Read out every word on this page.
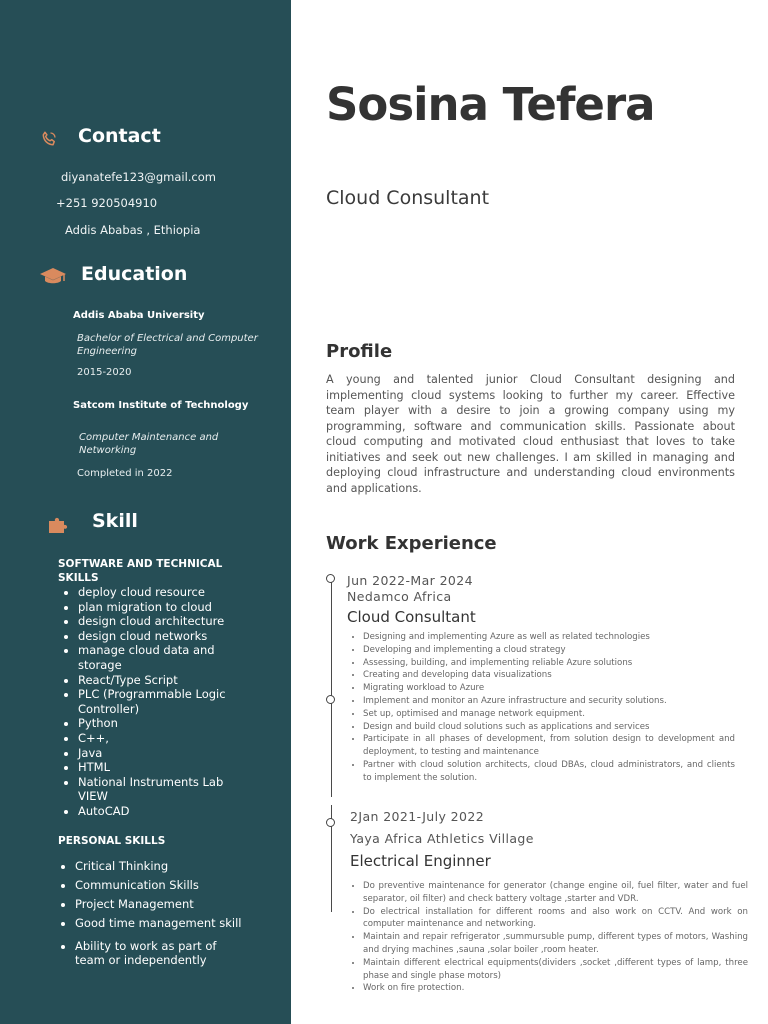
Contact
diyanatefe123@gmail.com
+251 920504910
Addis Ababas , Ethiopia
Education
Addis Ababa University
Bachelor of Electrical and Computer Engineering
2015-2020
Satcom Institute of Technology
Computer Maintenance and Networking
Completed in 2022
Skill
SOFTWARE AND TECHNICAL SKILLS
• deploy cloud resource
• plan migration to cloud
• design cloud architecture
• design cloud networks
• manage cloud data and storage
• React/Type Script
• PLC (Programmable Logic Controller)
• Python
• C++,
• Java
• HTML
• National Instruments Lab VIEW
• AutoCAD
PERSONAL SKILLS
• Critical Thinking
• Communication Skills
• Project Management
• Good time management skill
• Ability to work as part of team or independently
Sosina Tefera
Cloud Consultant
Profile

A young and talented junior Cloud Consultant designing and implementing cloud systems looking to further my career. Effective team player with a desire to join a growing company using my programming, software and communication skills. Passionate about cloud computing and motivated cloud enthusiast that loves to take initiatives and seek out new challenges. I am skilled in managing and deploying cloud infrastructure and understanding cloud environments and applications.

Work Experience
Jun 2022-Mar 2024
Nedamco Africa
Cloud Consultant
• Designing and implementing Azure as well as related technologies
• Developing and implementing a cloud strategy
• Assessing, building, and implementing reliable Azure solutions
• Creating and developing data visualizations
• Migrating workload to Azure
• Implement and monitor an Azure infrastructure and security solutions.
• Set up, optimised and manage network equipment.
• Design and build cloud solutions such as applications and services
• Participate in all phases of development, from solution design to development and deployment, to testing and maintenance
• Partner with cloud solution architects, cloud DBAs, cloud administrators, and clients to implement the solution.
2Jan 2021-July 2022
Yaya Africa Athletics Village
Electrical Enginner
• Do preventive maintenance for generator (change engine oil, fuel filter, water and fuel separator, oil filter) and check battery voltage ,starter and VDR.
• Do electrical installation for different rooms and also work on CCTV. And work on computer maintenance and networking.
• Maintain and repair refrigerator ,summursuble pump, different types of motors, Washing and drying machines ,sauna ,solar boiler ,room heater.
• Maintain different electrical equipments(dividers ,socket ,different types of lamp, three phase and single phase motors)
• Work on fire protection.
